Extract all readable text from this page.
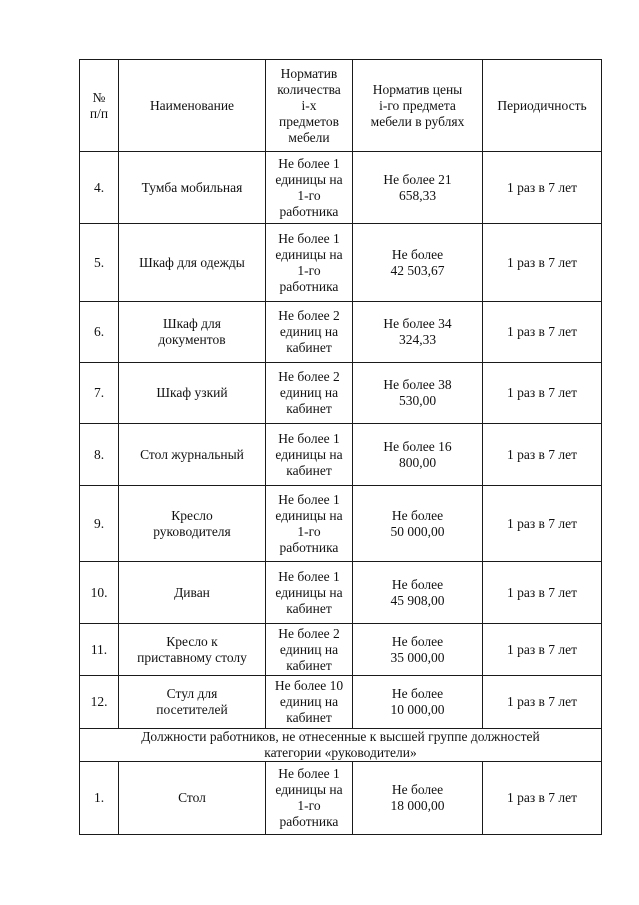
№
п/п	Наименование	Норматив
количества
i-х
предметов
мебели	Норматив цены
i-го предмета
мебели в рублях	Периодичность
4.	Тумба мобильная	Не более 1
единицы на
1-го
работника	Не более 21
658,33	1 раз в 7 лет
5.	Шкаф для одежды	Не более 1
единицы на
1-го
работника	Не более
42 503,67	1 раз в 7 лет
6.	Шкаф для
документов	Не более 2
единиц на
кабинет	Не более 34
324,33	1 раз в 7 лет
7.	Шкаф узкий	Не более 2
единиц на
кабинет	Не более 38
530,00	1 раз в 7 лет
8.	Стол журнальный	Не более 1
единицы на
кабинет	Не более 16
800,00	1 раз в 7 лет
9.	Кресло
руководителя	Не более 1
единицы на
1-го
работника	Не более
50 000,00	1 раз в 7 лет
10.	Диван	Не более 1
единицы на
кабинет	Не более
45 908,00	1 раз в 7 лет
11.	Кресло к
приставному столу	Не более 2
единиц на
кабинет	Не более
35 000,00	1 раз в 7 лет
12.	Стул для
посетителей	Не более 10
единиц на
кабинет	Не более
10 000,00	1 раз в 7 лет
Должности работников, не отнесенные к высшей группе должностей
категории «руководители»				
1.	Стол	Не более 1
единицы на
1-го
работника	Не более
18 000,00	1 раз в 7 лет
